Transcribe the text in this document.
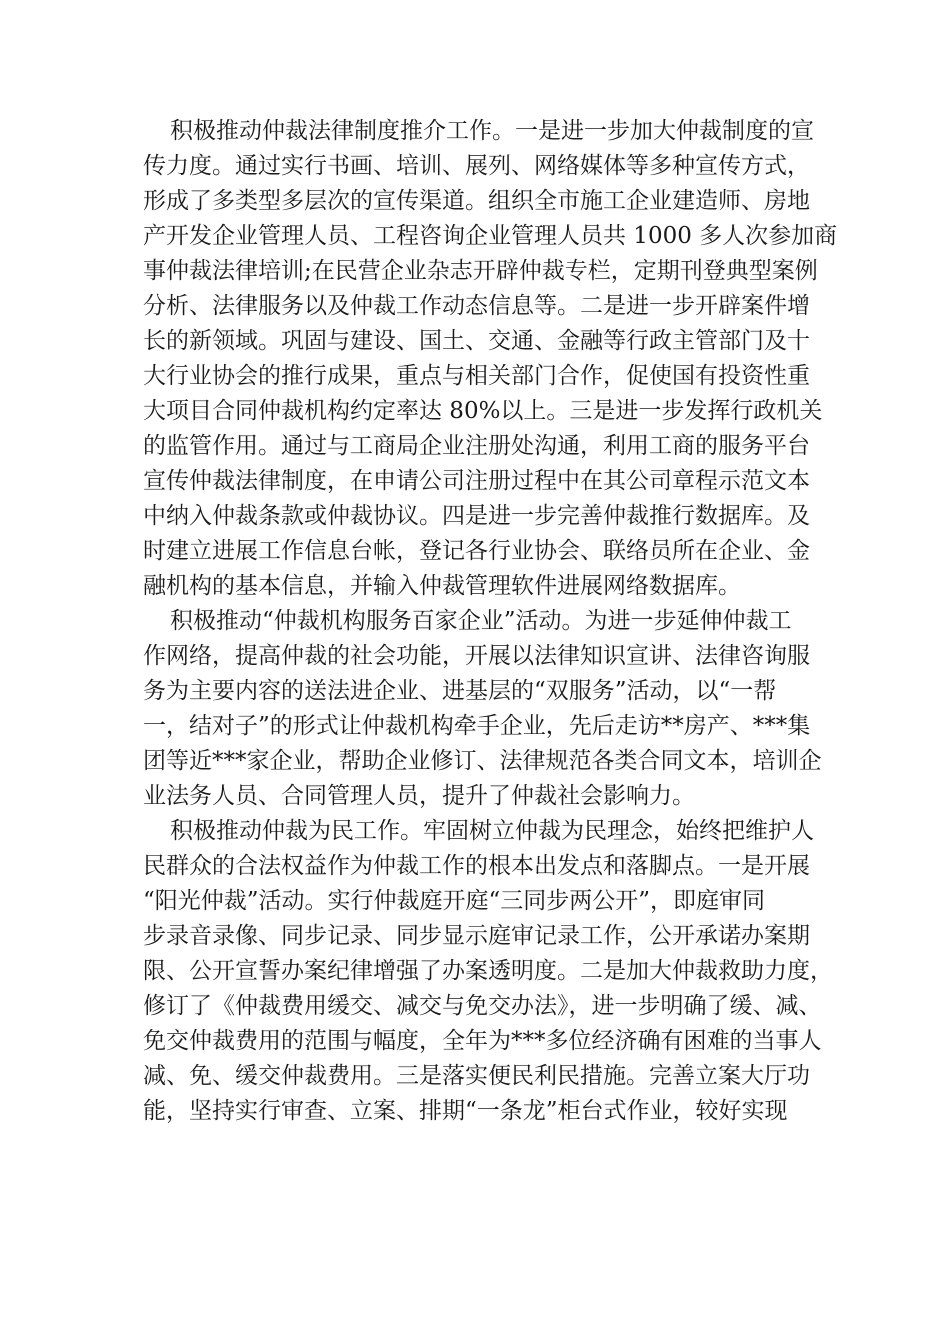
积极推动仲裁法律制度推介工作。一是进一步加大仲裁制度的宣
传力度。通过实行书画、培训、展列、网络媒体等多种宣传方式，
形成了多类型多层次的宣传渠道。组织全市施工企业建造师、房地
产开发企业管理人员、工程咨询企业管理人员共 1000 多人次参加商
事仲裁法律培训;在民营企业杂志开辟仲裁专栏，定期刊登典型案例
分析、法律服务以及仲裁工作动态信息等。二是进一步开辟案件增
长的新领域。巩固与建设、国土、交通、金融等行政主管部门及十
大行业协会的推行成果，重点与相关部门合作，促使国有投资性重
大项目合同仲裁机构约定率达 80%以上。三是进一步发挥行政机关
的监管作用。通过与工商局企业注册处沟通，利用工商的服务平台
宣传仲裁法律制度，在申请公司注册过程中在其公司章程示范文本
中纳入仲裁条款或仲裁协议。四是进一步完善仲裁推行数据库。及
时建立进展工作信息台帐，登记各行业协会、联络员所在企业、金
融机构的基本信息，并输入仲裁管理软件进展网络数据库。
积极推动“仲裁机构服务百家企业”活动。为进一步延伸仲裁工
作网络，提高仲裁的社会功能，开展以法律知识宣讲、法律咨询服
务为主要内容的送法进企业、进基层的“双服务”活动，以“一帮
一，结对子”的形式让仲裁机构牵手企业，先后走访**房产、***集
团等近***家企业，帮助企业修订、法律规范各类合同文本，培训企
业法务人员、合同管理人员，提升了仲裁社会影响力。
积极推动仲裁为民工作。牢固树立仲裁为民理念，始终把维护人
民群众的合法权益作为仲裁工作的根本出发点和落脚点。一是开展
“阳光仲裁”活动。实行仲裁庭开庭“三同步两公开”，即庭审同
步录音录像、同步记录、同步显示庭审记录工作，公开承诺办案期
限、公开宣誓办案纪律增强了办案透明度。二是加大仲裁救助力度，
修订了《仲裁费用缓交、减交与免交办法》，进一步明确了缓、减、
免交仲裁费用的范围与幅度，全年为***多位经济确有困难的当事人
减、免、缓交仲裁费用。三是落实便民利民措施。完善立案大厅功
能，坚持实行审查、立案、排期“一条龙”柜台式作业，较好实现
